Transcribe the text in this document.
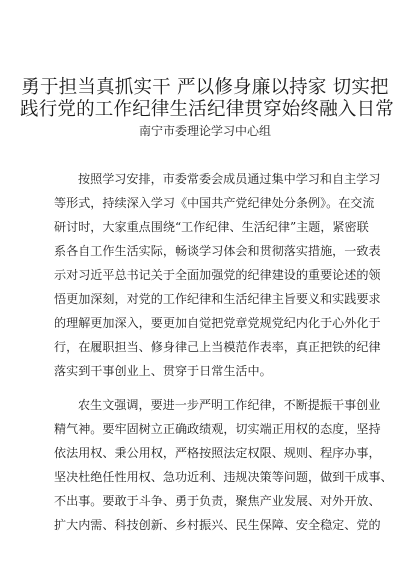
勇于担当真抓实干 严以修身廉以持家 切实把
践行党的工作纪律生活纪律贯穿始终融入日常
南宁市委理论学习中心组
按照学习安排，市委常委会成员通过集中学习和自主学习
等形式，持续深入学习《中国共产党纪律处分条例》。在交流
研讨时，大家重点围绕“工作纪律、生活纪律”主题，紧密联
系各自工作生活实际，畅谈学习体会和贯彻落实措施，一致表
示对习近平总书记关于全面加强党的纪律建设的重要论述的领
悟更加深刻，对党的工作纪律和生活纪律主旨要义和实践要求
的理解更加深入，要更加自觉把党章党规党纪内化于心外化于
行，在履职担当、修身律己上当模范作表率，真正把铁的纪律
落实到干事创业上、贯穿于日常生活中。
农生文强调，要进一步严明工作纪律，不断提振干事创业
精气神。要牢固树立正确政绩观，切实端正用权的态度，坚持
依法用权、秉公用权，严格按照法定权限、规则、程序办事，
坚决杜绝任性用权、急功近利、违规决策等问题，做到干成事、
不出事。要敢于斗争、勇于负责，聚焦产业发展、对外开放、
扩大内需、科技创新、乡村振兴、民生保障、安全稳定、党的
